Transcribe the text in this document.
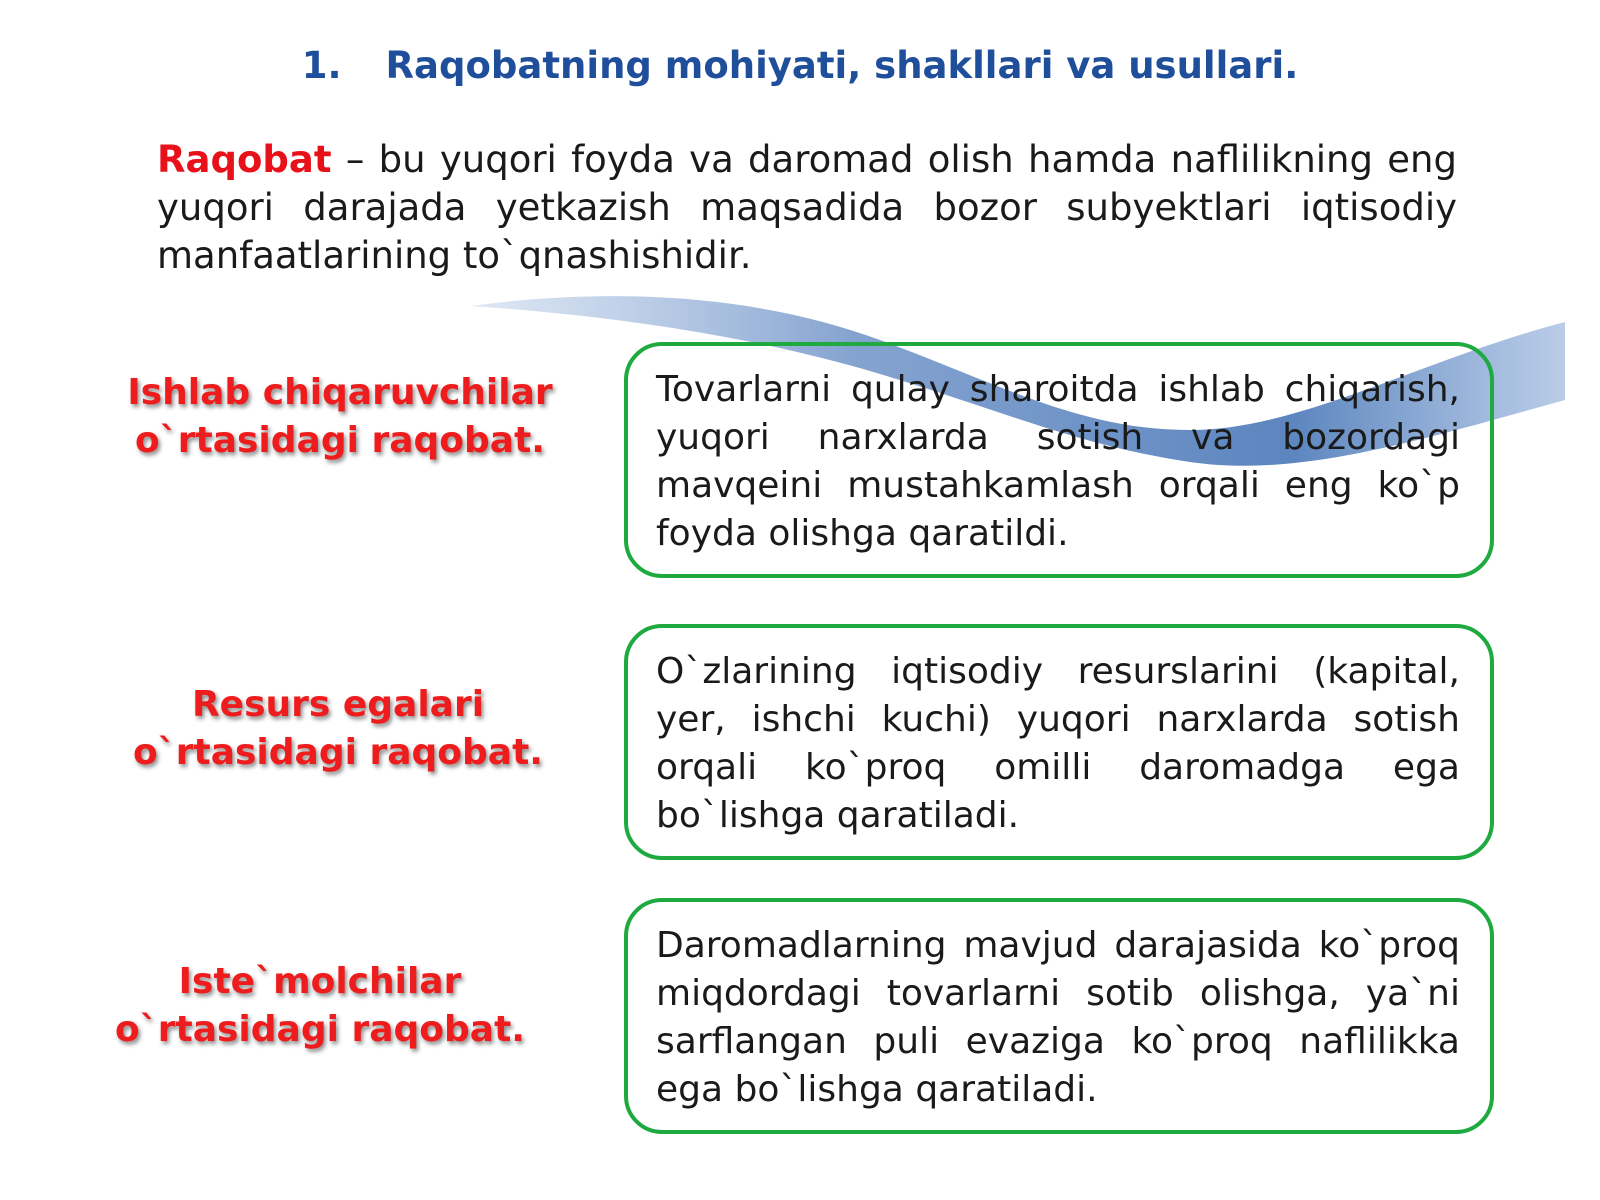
1. Raqobatning mohiyati, shakllari va usullari.
Raqobat – bu yuqori foyda va daromad olish hamda naflilikning eng yuqori darajada yetkazish maqsadida bozor subyektlari iqtisodiy manfaatlarining to`qnashishidir.
Ishlab chiqaruvchilar o`rtasidagi raqobat.

Tovarlarni qulay sharoitda ishlab chiqarish, yuqori narxlarda sotish va bozordagi mavqeini mustahkamlash orqali eng ko`p foyda olishga qaratildi.

Resurs egalari o`rtasidagi raqobat.

O`zlarining iqtisodiy resurslarini (kapital, yer, ishchi kuchi) yuqori narxlarda sotish orqali ko`proq omilli daromadga ega bo`lishga qaratiladi.

Iste`molchilar o`rtasidagi raqobat.

Daromadlarning mavjud darajasida ko`proq miqdordagi tovarlarni sotib olishga, ya`ni sarflangan puli evaziga ko`proq naflilikka ega bo`lishga qaratiladi.
